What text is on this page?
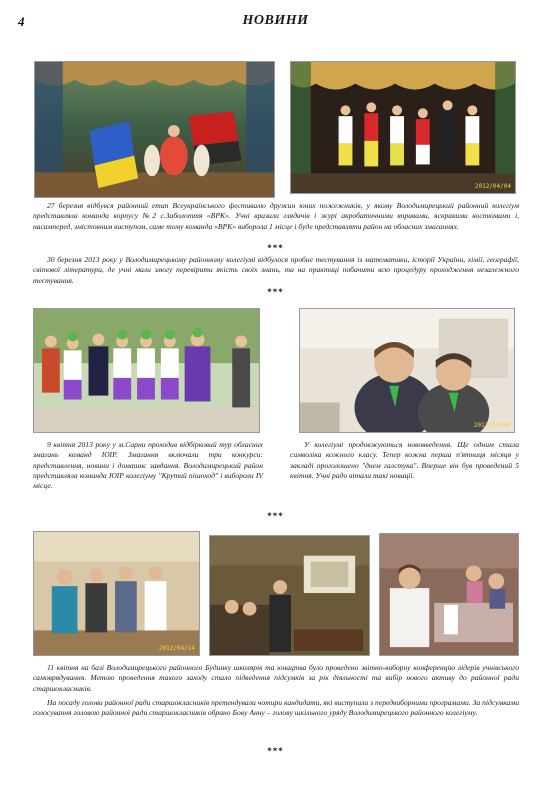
4	НОВИНИ
2012/04/04
27 березня відбувся районний етап Всеукраїнського фестивалю дружин юних пожежників, у якому Володимирецький районний колегіум представляла команда корпусу №2 с.Заболоття «ВРК». Учні вразили глядачів і журі акробатичними вправами, яскравими костюмами і, насамперед, змістовним виступом, саме тому команда «ВРК» виборола 1 місце і буде представляти район на обласних змаганнях.
***
30 березня 2013 року у Володимирецькому районному колегіумі відбулося пробне тестування із математики, історії України, хімії, географії, світової літератури, де учні мали змогу перевірити якість своїх знань, та на практиці побачити всю процедуру проходження незалежного тестування.
***
2012/04/04
9 квітня 2013 року у м.Сарни проходив відбірковий тур обласних змагань команд ЮІР. Змагання включали три конкурси: представлення, новини і домашнє завдання. Володимирецький район представляла команда ЮІР колегіуму "Крутий пішоход" і вибороли IV місце.
У колегіумі продовжуються нововведення. Ще одним стала символіка кожного класу. Тепер кожна перша п'ятниця місяця у закладі проголошено "днем галстука". Вперше він був проведений 5 квітня. Учні радо вітали такі новації.
***
2012/04/14
11 квітня на базі Володимирецького районного Будинку школярів та юнацтва було проведено звітно-виборну конференцію лідерів учнівського самоврядування. Метою проведення такого заходу стало підведення підсумків за рік діяльності та вибір нового активу до районної ради старшокласників.
На посаду голови районної ради старшокласників претендували чотири кандидати, які виступили з передвиборними програмами. За підсумками голосування головою районної ради старшокласників обрано Бову Анну – голову шкільного уряду Володимирецького районного колегіуму.
***
